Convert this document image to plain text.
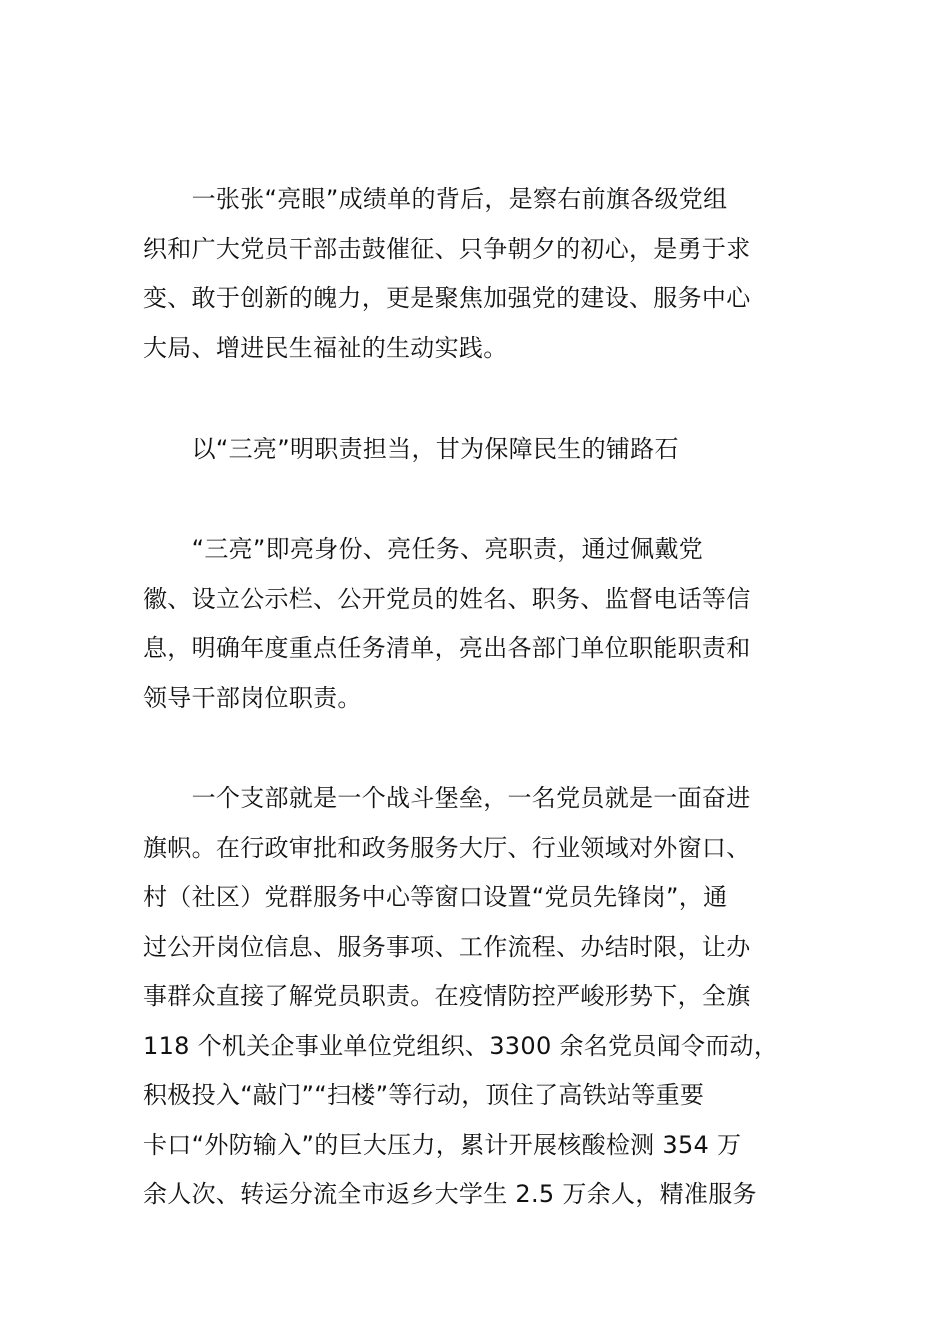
　　一张张“亮眼”成绩单的背后，是察右前旗各级党组
织和广大党员干部击鼓催征、只争朝夕的初心，是勇于求
变、敢于创新的魄力，更是聚焦加强党的建设、服务中心
大局、增进民生福祉的生动实践。

　　以“三亮”明职责担当，甘为保障民生的铺路石

　　“三亮”即亮身份、亮任务、亮职责，通过佩戴党
徽、设立公示栏、公开党员的姓名、职务、监督电话等信
息，明确年度重点任务清单，亮出各部门单位职能职责和
领导干部岗位职责。

　　一个支部就是一个战斗堡垒，一名党员就是一面奋进
旗帜。在行政审批和政务服务大厅、行业领域对外窗口、
村（社区）党群服务中心等窗口设置“党员先锋岗”，通
过公开岗位信息、服务事项、工作流程、办结时限，让办
事群众直接了解党员职责。在疫情防控严峻形势下，全旗
118 个机关企事业单位党组织、3300 余名党员闻令而动，
积极投入“敲门”“扫楼”等行动，顶住了高铁站等重要
卡口“外防输入”的巨大压力，累计开展核酸检测 354 万
余人次、转运分流全市返乡大学生 2.5 万余人，精准服务
